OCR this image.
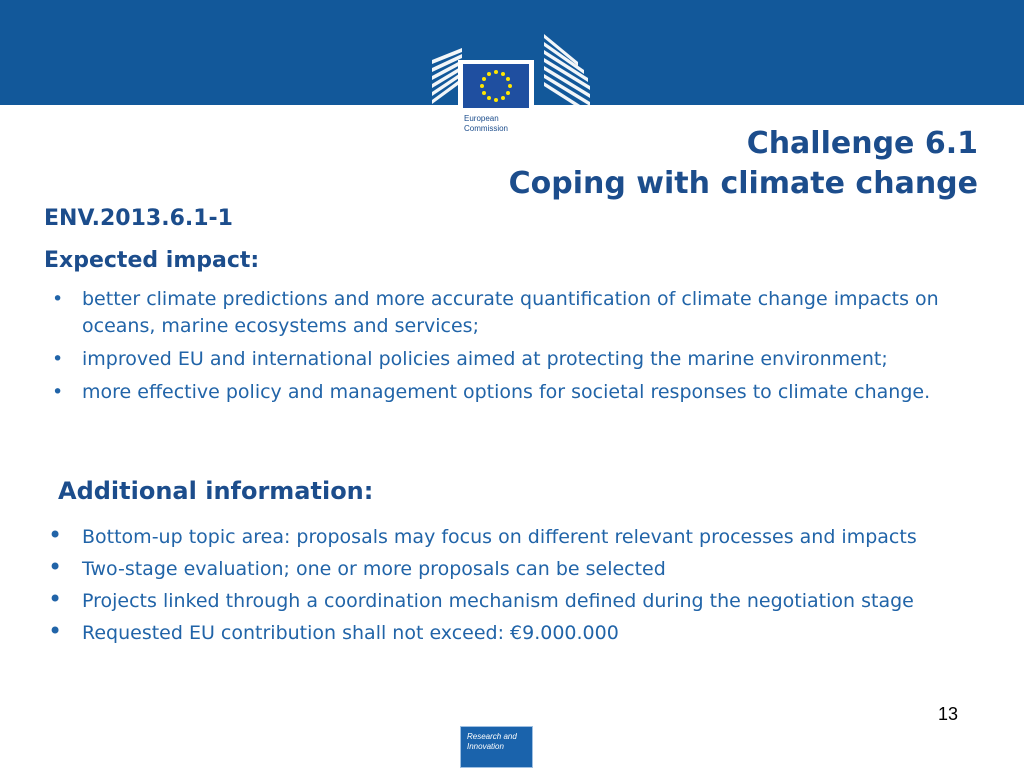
European
Commission	Challenge 6.1
Coping with climate change
ENV.2013.6.1-1
Expected impact:
• better climate predictions and more accurate quantification of climate change impacts on oceans, marine ecosystems and services;
• improved EU and international policies aimed at protecting the marine environment;
• more effective policy and management options for societal responses to climate change.
Additional information:
• Bottom-up topic area: proposals may focus on different relevant processes and impacts
• Two-stage evaluation; one or more proposals can be selected
• Projects linked through a coordination mechanism defined during the negotiation stage
• Requested EU contribution shall not exceed: €9.000.000
13
Research and
Innovation
